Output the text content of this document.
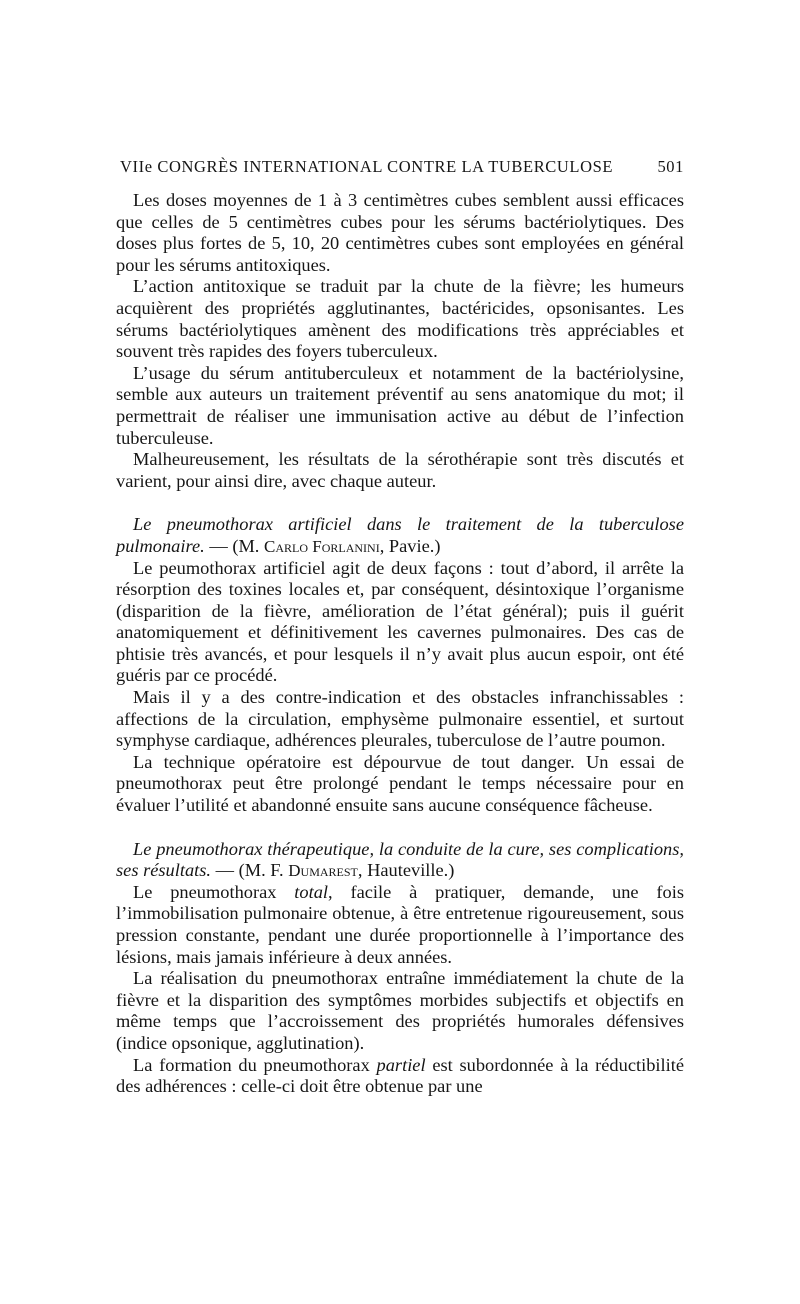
VIIe CONGRÈS INTERNATIONAL CONTRE LA TUBERCULOSE	501

Les doses moyennes de 1 à 3 centimètres cubes semblent aussi efficaces que celles de 5 centimètres cubes pour les sérums bactériolytiques. Des doses plus fortes de 5, 10, 20 centimètres cubes sont employées en général pour les sérums antitoxiques.

L’action antitoxique se traduit par la chute de la fièvre; les humeurs acquièrent des propriétés agglutinantes, bactéricides, opsonisantes. Les sérums bactériolytiques amènent des modifications très appréciables et souvent très rapides des foyers tuberculeux.

L’usage du sérum antituberculeux et notamment de la bactériolysine, semble aux auteurs un traitement préventif au sens anatomique du mot; il permettrait de réaliser une immunisation active au début de l’infection tuberculeuse.

Malheureusement, les résultats de la sérothérapie sont très discutés et varient, pour ainsi dire, avec chaque auteur.

Le pneumothorax artificiel dans le traitement de la tuberculose pulmonaire. — (M. Carlo Forlanini, Pavie.)

Le peumothorax artificiel agit de deux façons : tout d’abord, il arrête la résorption des toxines locales et, par conséquent, désintoxique l’organisme (disparition de la fièvre, amélioration de l’état général); puis il guérit anatomiquement et définitivement les cavernes pulmonaires. Des cas de phtisie très avancés, et pour lesquels il n’y avait plus aucun espoir, ont été guéris par ce procédé.

Mais il y a des contre-indication et des obstacles infranchissables : affections de la circulation, emphysème pulmonaire essentiel, et surtout symphyse cardiaque, adhérences pleurales, tuberculose de l’autre poumon.

La technique opératoire est dépourvue de tout danger. Un essai de pneumothorax peut être prolongé pendant le temps nécessaire pour en évaluer l’utilité et abandonné ensuite sans aucune conséquence fâcheuse.

Le pneumothorax thérapeutique, la conduite de la cure, ses complications, ses résultats. — (M. F. Dumarest, Hauteville.)

Le pneumothorax total, facile à pratiquer, demande, une fois l’immobilisation pulmonaire obtenue, à être entretenue rigoureusement, sous pression constante, pendant une durée proportionnelle à l’importance des lésions, mais jamais inférieure à deux années.

La réalisation du pneumothorax entraîne immédiatement la chute de la fièvre et la disparition des symptômes morbides subjectifs et objectifs en même temps que l’accroissement des propriétés humorales défensives (indice opsonique, agglutination).

La formation du pneumothorax partiel est subordonnée à la réductibilité des adhérences : celle-ci doit être obtenue par une
